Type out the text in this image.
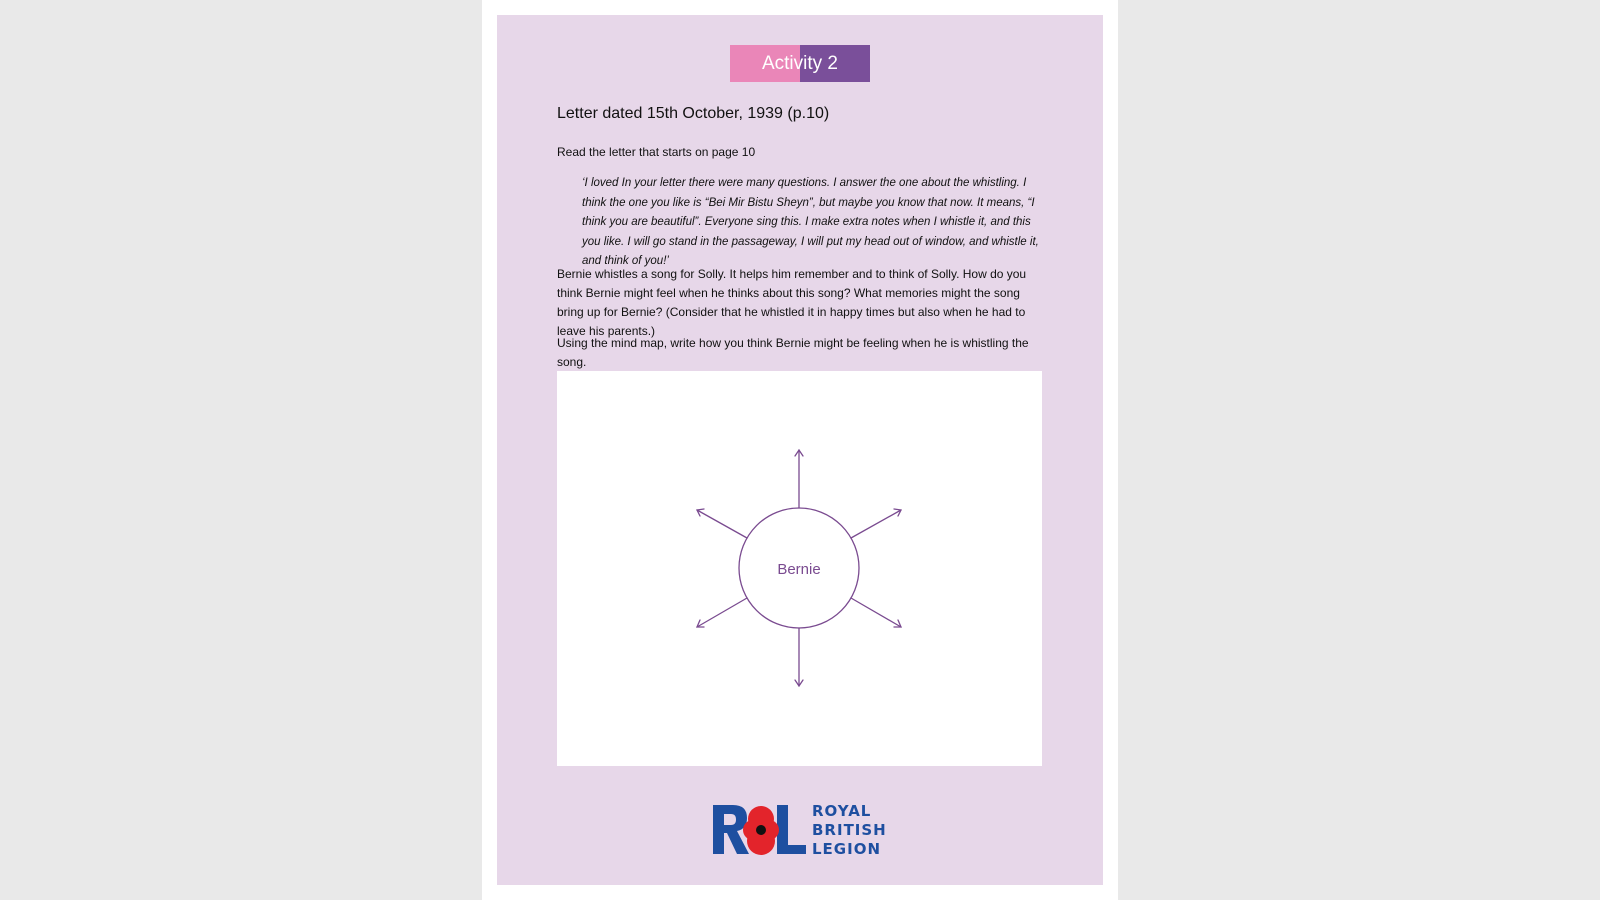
Activity 2
Letter dated 15th October, 1939 (p.10)

Read the letter that starts on page 10

‘I loved In your letter there were many questions. I answer the one about the whistling. I think the one you like is “Bei Mir Bistu Sheyn”, but maybe you know that now. It means, “I think you are beautiful”. Everyone sing this. I make extra notes when I whistle it, and this you like. I will go stand in the passageway, I will put my head out of window, and whistle it, and think of you!’

Bernie whistles a song for Solly. It helps him remember and to think of Solly. How do you think Bernie might feel when he thinks about this song? What memories might the song bring up for Bernie? (Consider that he whistled it in happy times but also when he had to leave his parents.)

Using the mind map, write how you think Bernie might be feeling when he is whistling the song.

Bernie
ROYAL
BRITISH
LEGION
